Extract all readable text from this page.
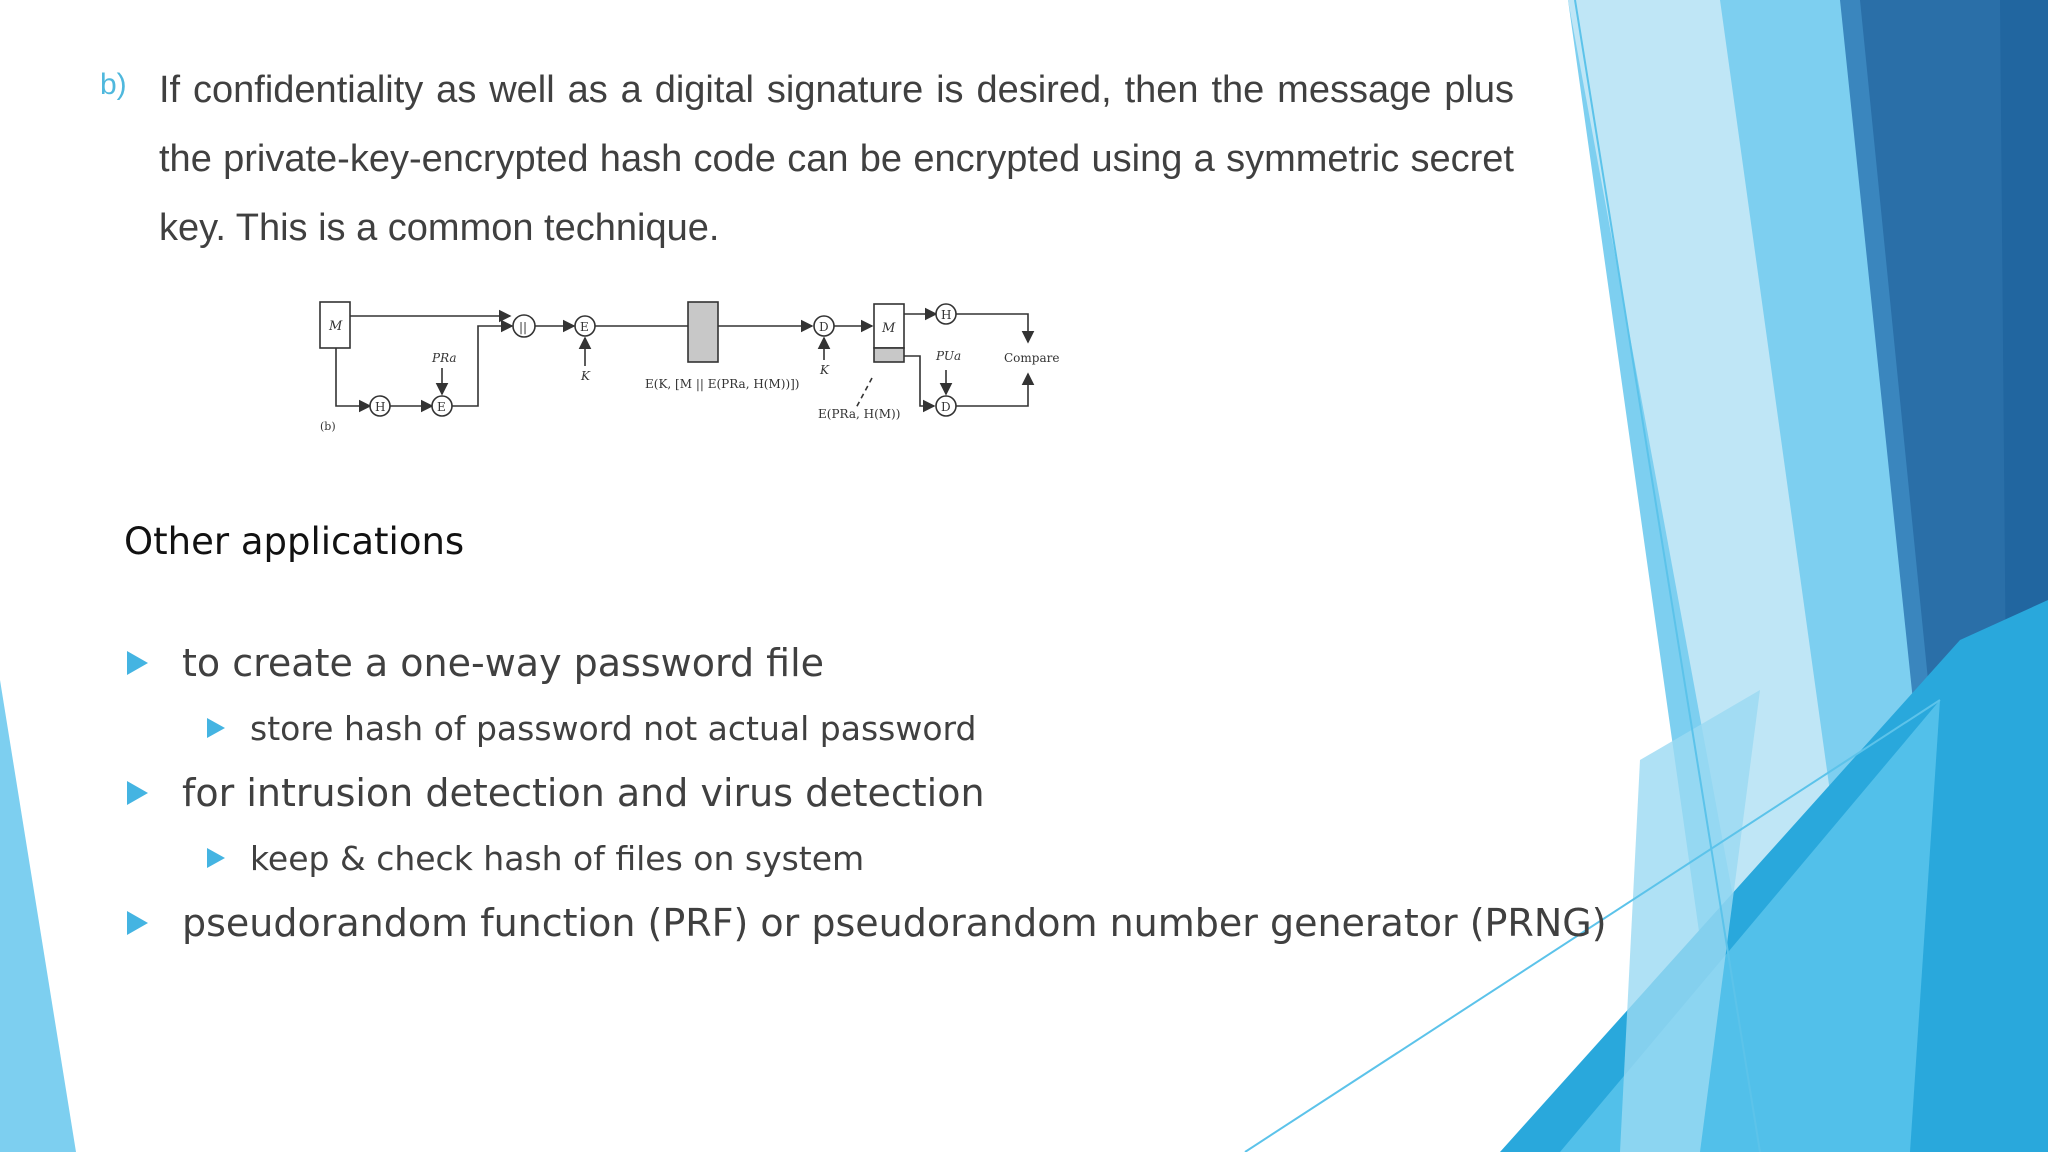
b) If confidentiality as well as a digital signature is desired, then the message plus the private-key-encrypted hash code can be encrypted using a symmetric secret key. This is a common technique.
M
H	E
PRa
||	E
K
E(K, [M || E(PRa, H(M))])
D
K
M
H
PUa
D
Compare
E(PRa, H(M))
(b)
Other applications
to create a one-way password file
store hash of password not actual password
for intrusion detection and virus detection
keep & check hash of files on system
pseudorandom function (PRF) or pseudorandom number generator (PRNG)
